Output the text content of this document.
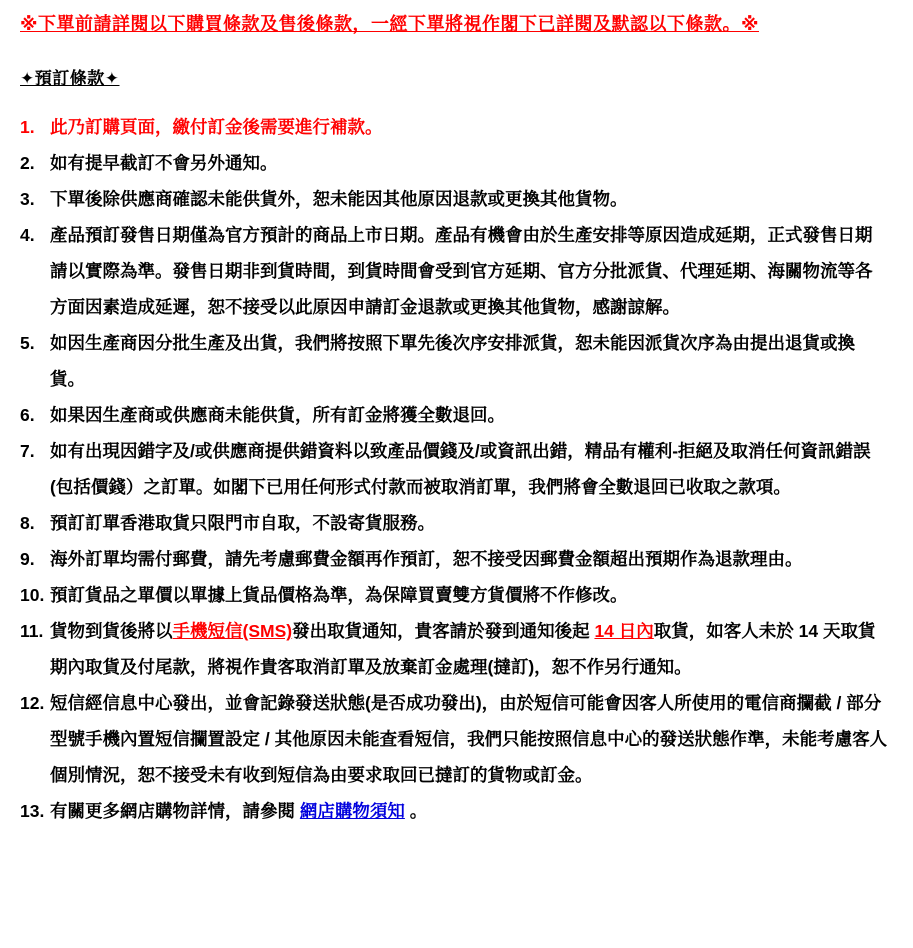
※下單前請詳閱以下購買條款及售後條款，一經下單將視作閣下已詳閱及默認以下條款。※
✦預訂條款✦
1. 此乃訂購頁面，繳付訂金後需要進行補款。
2. 如有提早截訂不會另外通知。
3. 下單後除供應商確認未能供貨外，恕未能因其他原因退款或更換其他貨物。
4. 產品預訂發售日期僅為官方預計的商品上市日期。產品有機會由於生產安排等原因造成延期，正式發售日期請以實際為準。發售日期非到貨時間，到貨時間會受到官方延期、官方分批派貨、代理延期、海關物流等各方面因素造成延遲，恕不接受以此原因申請訂金退款或更換其他貨物，感謝諒解。
5. 如因生產商因分批生產及出貨，我們將按照下單先後次序安排派貨，恕未能因派貨次序為由提出退貨或換貨。
6. 如果因生產商或供應商未能供貨，所有訂金將獲全數退回。
7. 如有出現因錯字及/或供應商提供錯資料以致產品價錢及/或資訊出錯，精品有權利-拒絕及取消任何資訊錯誤(包括價錢）之訂單。如閣下已用任何形式付款而被取消訂單，我們將會全數退回已收取之款項。
8. 預訂訂單香港取貨只限門市自取，不設寄貨服務。
9. 海外訂單均需付郵費，請先考慮郵費金額再作預訂，恕不接受因郵費金額超出預期作為退款理由。
10. 預訂貨品之單價以單據上貨品價格為準，為保障買賣雙方貨價將不作修改。
11. 貨物到貨後將以手機短信(SMS)發出取貨通知，貴客請於發到通知後起 14 日內取貨，如客人未於 14 天取貨期內取貨及付尾款，將視作貴客取消訂單及放棄訂金處理(撻訂)，恕不作另行通知。
12. 短信經信息中心發出，並會記錄發送狀態(是否成功發出)，由於短信可能會因客人所使用的電信商攔截 / 部分型號手機內置短信攔置設定 / 其他原因未能查看短信，我們只能按照信息中心的發送狀態作準，未能考慮客人個別情況，恕不接受未有收到短信為由要求取回已撻訂的貨物或訂金。
13. 有關更多網店購物詳情，請參閱 網店購物須知 。
